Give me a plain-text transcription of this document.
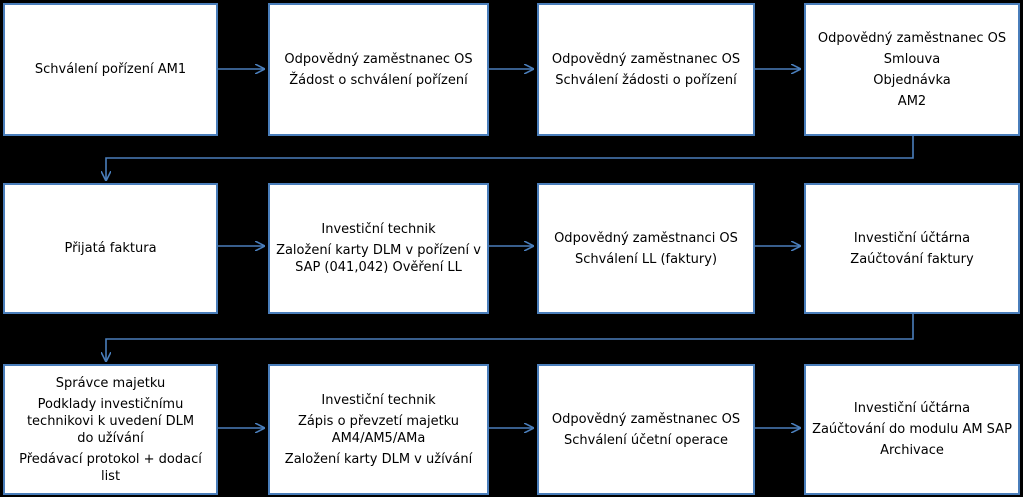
Schválení pořízení AM1
Odpovědný zaměstnanec OS
Žádost o schválení pořízení
Odpovědný zaměstnanec OS
Schválení žádosti o pořízení
Odpovědný zaměstnanec OS
Smlouva
Objednávka
AM2
Přijatá faktura
Investiční technik
Založení karty DLM v pořízení v SAP (041,042) Ověření LL
Odpovědný zaměstnanci OS
Schválení LL (faktury)
Investiční účtárna
Zaúčtování faktury
Správce majetku
Podklady investičnímu technikovi k uvedení DLM do užívání
Předávací protokol + dodací list
Investiční technik
Zápis o převzetí majetku AM4/AM5/AMa
Založení karty DLM v užívání
Odpovědný zaměstnanec OS
Schválení účetní operace
Investiční účtárna
Zaúčtování do modulu AM SAP
Archivace
